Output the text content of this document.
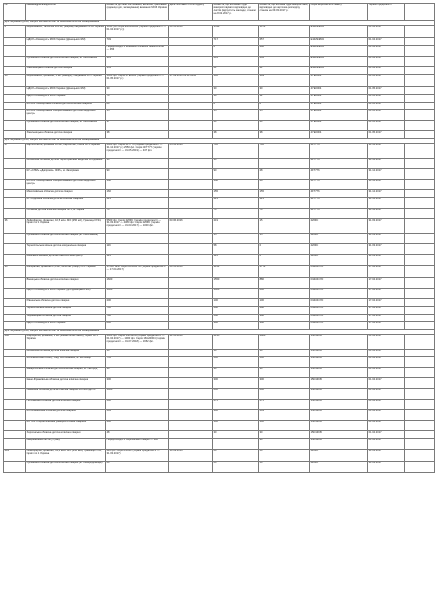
№	Назва/адреса/код/особи	Кількість до бази постачання, включно, фасована (одиниця дог, запакування) вказаних МОЗ України	Дата поставки Стопп Адресу	Кількість, що на якими буде використовувати відповідно до листів (відпустить заклади, станом на 8.02.2017 р.	Кількість, що на яким буде використано, відповідно до карточки-розподілу, станом на 09.03.2017 р.	Серія виробничого пакету	Термін придатності	
Для лікування дітей, хворих на онкологічні та онкогематологічні захворювання								
6	Вориконазол, таблетки 200 мг, (Фарма) пакування по 30 Україна	1040 (30 Серія Е10294834 (термін придатності — 01.04.2017 р.))	03.11.2016	1539	1374	Е10294834	01.04.2017	
	НДСЛ «Охматдит» МОЗ України (Донецьких ЄМ)	749		717	657	Е10294834	01.04.2017	
		Перерозподіл з Київської обласної онкогоспітал — 956		0	482	Е10294834	01.04.2017	
	Луганська обласна дитяча клінічна лікарня, м. Лисичанськ	301		291	264	Е10294834	01.04.2017	
	Хмельницька обласна дитяча лікарня	151		21	21	Е10294834	01.04.2017	
16	Вориконазол, флакони, 5 мл (Завод»), пакування по 1 Україна	1020 фл. Серія 4YE0004 (термін придатності — 01.05.2017 р.)	27.09.2016 03.11.2016	132	109	4YE0004	01.05.2017	
	НДСЛ «Охматдит» МОЗ України (Донецьких ЄМ)	30		30	30	4YE0004	01.05.2017	
	НДСЛ «Охматдит» МОЗ України	70		10	12	4YE0004	01.05.2017	
	КЗ ЗОР «Запорізька обласна дитяча клінічна лікарня»	80		8	8	4YE0004	01.05.2017	
	КЗ ЗОР «Запорізький спеціалізований дитячий медичний центр»	15		15	15	4YE0004	01.05.2017	
	Луганська обласна дитяча клінічна лікарня, м. Лисичанськ	37		23	23	4YE0004	01.05.2017	
	Хмельницька обласна дитяча лікарня	38		38	38	4YE0004	01.05.2017	
Для лікування дітей, хворих на онкологічні та онкогематологічні захворювання								
27	Карбоплатин, флакони 10 мл, Карбоплат, Італія по 1 Україна	2000 фл. Серія 4FT776 (термін придатності — 31.12.2017 р.) 2550 фл. Серія 4FT777 (термін придатності — 31.05.2019) — 437 фл.	05.12.2016	732	732	4FT776	31.12.2017	
	Волинське обласне дитяче територіальне медичне об'єднання	30		30		4FT776	31.12.2017	
	КУ «СПМ» «Дніпровсь. ЗОР», м. Запоріжжя	90		90	28	4FT776	31.12.2017	
	КЗ ЗОР «Запорізький спеціалізований дитячий медичний центр»	168		168	28	4FT776	31.12.2017	
	Миколаївська обласна дитяча лікарня	160		155	155	4FT776	31.12.2017	
	КУ «Одеська обласна дитяча клінічна лікарня»	221		221	221	4FT776	31.12.2017	
	Обласна дитяча клінічна лікарня № 1, м. Харків	70		70	70	4FT776	31.12.2017	
36	Лейкоферин, флакони, 10,5 млн. МО (250 мл), Гранокцит®34, Ізраїл по 1 Україна	5500 фл. Серія 2269C (термін придатності — 31.03.2017 — 4380 фл. Серія 2269C (термін придатності — 31.03.2017) — 1000 фл.	03.06.2016	219	15	2269C	31.03.2017	
	Луганська обласна дитяча клінічна лікарня (м. Лисичанськ)			15	15	2269C	31.03.2017	
	Тернопільська міська дитяча комунальна лікарня	116		58	0	2269C	31.03.2017	
	Київський міський дитячий онкологічний центр	125		125	0	2269C	31.03.2017	
36	Мелфалан, флакони 2,5 мл, Мілотай (Лікор) по 1 Україна	17000 табл Серія D14041YD (термін придатності — 17.04.2017)	03.11.2016	3154	2774	D14041YD	17.04.2017	
	Вінницька обласна дитяча клінічна лікарня	1600		1550	880	D14041YD	17.04.2017	
	НДСЛ «Охматдит» МОЗ України (для Донецьких ЄМ)	1000		1000	600	D14041YD	17.04.2017	
	Рівненська обласна дитяча лікарня	200		100	100	D14041YD	17.04.2017	
	Тернопільська міська дитяча лікарня	700		498	498	D14041YD	17.04.2017	
	Чернівецька обласна дитяча лікарня	790		548	348	D14041YD	17.04.2017	
	НДСЛ «Охматдит» МОЗ України	800		390	348	D14041YD	17.04.2017	
Для лікування дітей, хворих на онкологічні та онкогематологічні захворювання								
282	Мікрофолін, флакони, 1 мл (Февастатин-ПЕВА), Ізраїл по 1 Україна	2000 фл. Серія 15D13KB (термін придатності — 01.04.2017) — 1000 фл. Серія 16G20004 (термін придатності — 01.07.2018) — 1652 фл.	21.11.2016	2135	2080	15D13KB	01.04.2017	
	Волинська обласна дитяча клінічна лікарня	10		10	10	15D13KB	01.04.2017	
	«Обласна Ваш очищ., лікд. постачання», м. Житомир	755		500	500	15D13KB	01.04.2017	
	Закарпатська обласна дитяча клінічна лікарня, м. Ужгород	30		30	30	15D13KB	01.04.2017	
	Івано-Франківська обласна дитяча клінічна лікарня	300		300	300	15D13KB	01.04.2017	
	Львівська обласна дитяча клінічна лікарня «ОХМАТДИТ»	1400		600	600	15D13KB	01.04.2017	
	Полтавська обласна дитяча клінічна лікарня	500		275	275	15D13KB	01.04.2017	
	КЗ «Рівненська обласна дитяча лікарня»	504		300	209	15D13KB	01.04.2017	
	КЗ ТОР «Тернопільська університетська лікарня»	200		100	100	15D13KB	01.04.2017	
	Херсонська обласна дитяча клінічна лікарня	48		30	30	15D13KB	01.04.2017	
	Національний інститут раку	Перерозподіл з Херсонської лікарні — 300			30	15D13KB	01.04.2017	
293	Лейкоферин, флакони, 33,6 млн. МО (236 мкл) Гранокцит®34, Ізраїл по 1 Україна	426 фл. Серія 2269C (термін придатності — 31.03.2017)	13.09.2016	60	50	2269C	31.03.2017	
	Луганська обласна дитяча клінічна лікарня (м. Сєвєродонецьк)	60		60	50	2269C	31.03.2017	
